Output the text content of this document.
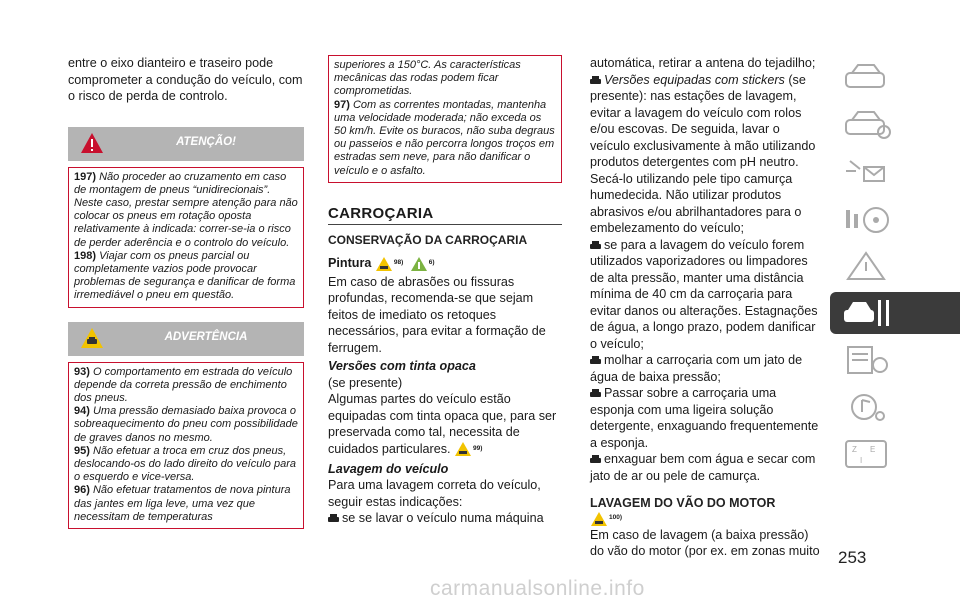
entre o eixo dianteiro e traseiro pode comprometer a condução do veículo, com o risco de perda de controlo.
ATENÇÃO!

197) Não proceder ao cruzamento em caso de montagem de pneus “unidirecionais”. Neste caso, prestar sempre atenção para não colocar os pneus em rotação oposta relativamente à indicada: correr-se-ia o risco de perder aderência e o controlo do veículo.

198) Viajar com os pneus parcial ou completamente vazios pode provocar problemas de segurança e danificar de forma irremediável o pneu em questão.

ADVERTÊNCIA

93) O comportamento em estrada do veículo depende da correta pressão de enchimento dos pneus.

94) Uma pressão demasiado baixa provoca o sobreaquecimento do pneu com possibilidade de graves danos no mesmo.

95) Não efetuar a troca em cruz dos pneus, deslocando-os do lado direito do veículo para o esquerdo e vice-versa.

96) Não efetuar tratamentos de nova pintura das jantes em liga leve, uma vez que necessitam de temperaturas

superiores a 150°C. As características mecânicas das rodas podem ficar comprometidas.

97) Com as correntes montadas, mantenha uma velocidade moderada; não exceda os 50 km/h. Evite os buracos, não suba degraus ou passeios e não percorra longos troços em estradas sem neve, para não danificar o veículo e o asfalto.

CARROÇARIA
CONSERVAÇÃO DA CARROÇARIA
Pintura	98)	6)
Em caso de abrasões ou fissuras profundas, recomenda-se que sejam feitos de imediato os retoques necessários, para evitar a formação de ferrugem.
Versões com tinta opaca
(se presente)
Algumas partes do veículo estão equipadas com tinta opaca que, para ser preservada como tal, necessita de cuidados particulares.	99)
Lavagem do veículo
Para uma lavagem correta do veículo, seguir estas indicações:
se se lavar o veículo numa máquina
automática, retirar a antena do tejadilho;
Versões equipadas com stickers (se presente): nas estações de lavagem, evitar a lavagem do veículo com rolos e/ou escovas. De seguida, lavar o veículo exclusivamente à mão utilizando produtos detergentes com pH neutro. Secá-lo utilizando pele tipo camurça humedecida. Não utilizar produtos abrasivos e/ou abrilhantadores para o embelezamento do veículo;
se para a lavagem do veículo forem utilizados vaporizadores ou limpadores de alta pressão, manter uma distância mínima de 40 cm da carroçaria para evitar danos ou alterações. Estagnações de água, a longo prazo, podem danificar o veículo;
molhar a carroçaria com um jato de água de baixa pressão;
Passar sobre a carroçaria uma esponja com uma ligeira solução detergente, enxaguando frequentemente a esponja.
enxaguar bem com água e secar com jato de ar ou pele de camurça.
LAVAGEM DO VÃO DO MOTOR
100)
Em caso de lavagem (a baixa pressão) do vão do motor (por ex. em zonas muito
Z E
I
253
carmanualsonline.info
